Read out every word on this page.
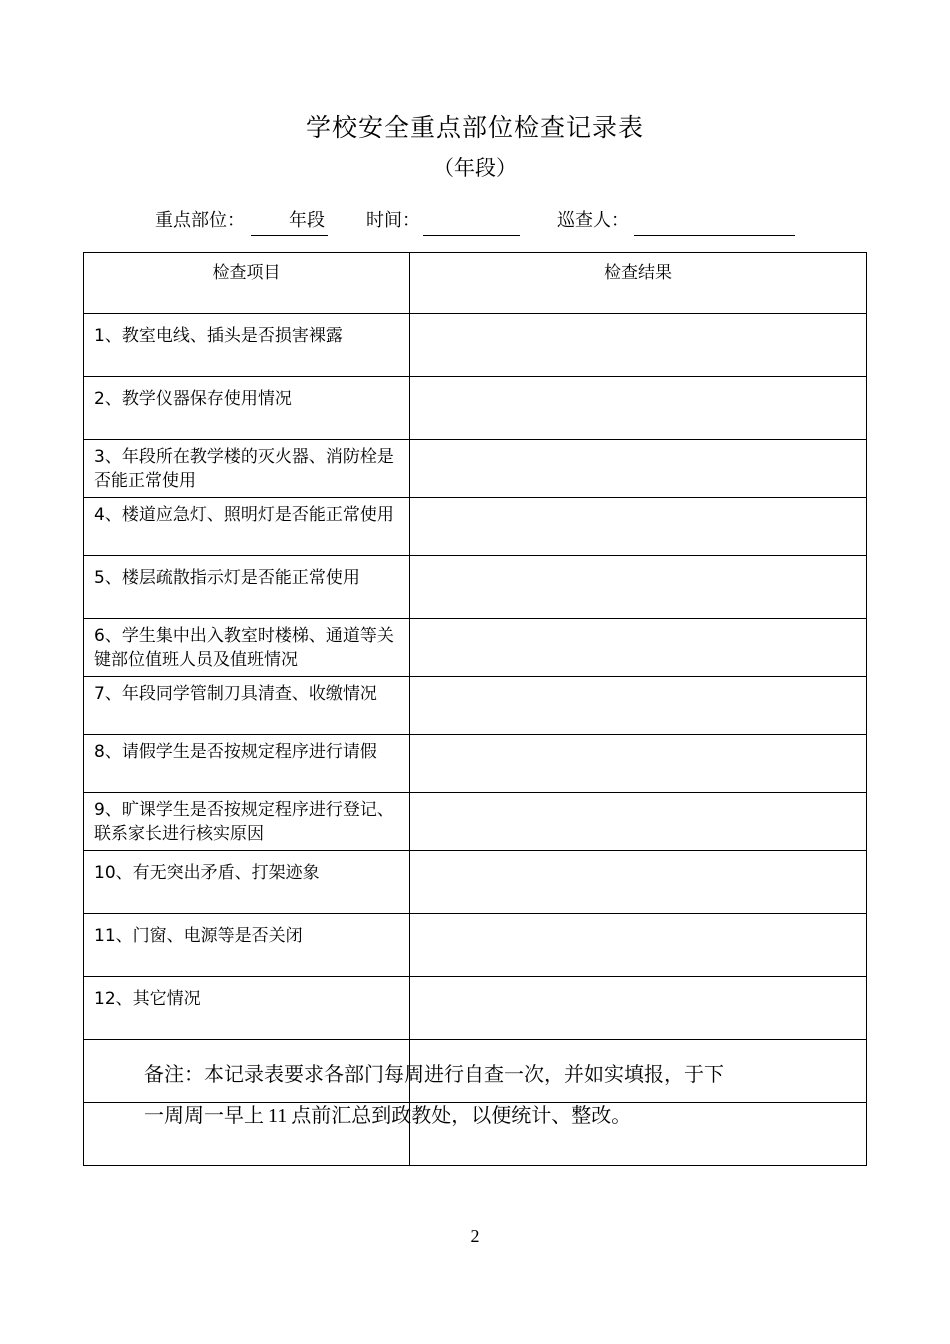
学校安全重点部位检查记录表
（年段）
重点部位： 年段 时间：	巡查人：
检查项目	检查结果
1、教室电线、插头是否损害裸露	
2、教学仪器保存使用情况	
3、年段所在教学楼的灭火器、消防栓是否能正常使用	
4、楼道应急灯、照明灯是否能正常使用	
5、楼层疏散指示灯是否能正常使用	
6、学生集中出入教室时楼梯、通道等关键部位值班人员及值班情况	
7、年段同学管制刀具清查、收缴情况	
8、请假学生是否按规定程序进行请假	
9、旷课学生是否按规定程序进行登记、联系家长进行核实原因	
10、有无突出矛盾、打架迹象	
11、门窗、电源等是否关闭	
12、其它情况	

备注：本记录表要求各部门每周进行自查一次，并如实填报，于下
一周周一早上 11 点前汇总到政教处，以便统计、整改。
2
